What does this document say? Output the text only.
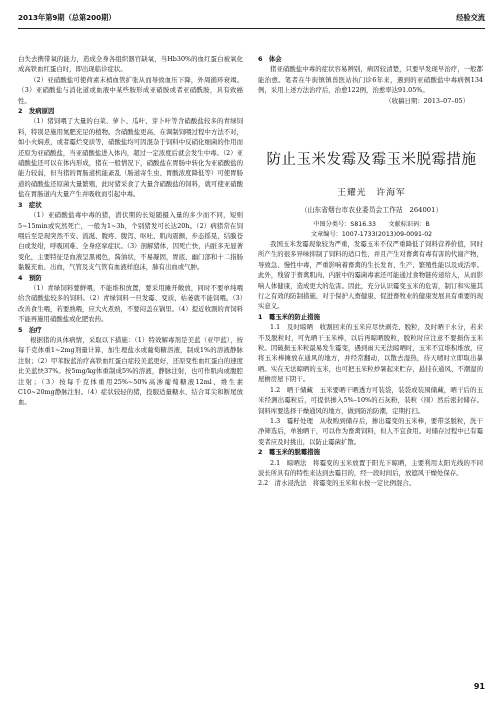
2013年第9期（总第200期）	经验交流

白失去携带氧的能力，造成全身各组织器官缺氧，当Hb30%的血红蛋白被氧化成高铁血红蛋白时，即出现临诊症状。

（2）亚硝酸盐可使荷素末梢血管扩张从而导致血压下降，外周循环衰竭。（3）亚硝酸盐与消化道或血液中某些胺形成亚硝胺或者亚硝酰胺，具有致癌性。

2　发病原因

（1）猪饲喂了大量的白菜、萝卜、瓜叶、芽卜叶等含硝酸盐较多的青绿饲料，特别是施用氮肥充足的植物。含硝酸盐更高，在调制饲喂过程中方法不对，如小火焖煮，或者霉烂变质等，硝酸盐均可因混杂于饲料中反硝化细菌的作用而还原为亚硝酸盐，当亚硝酸盐进入体内，超过一定浓度后就会发生中毒。（2）亚硝酸盐还可以在体内形成，猪在一般情况下，硝酸盐在胃肠中转化为亚硝酸盐的能力较弱，但当猪的胃肠道机能紊乱（肠道寄生虫、胃酸浓度降低等）可使胃肠道的硝酸盐还原菌大量繁殖，此时猪采食了大量含硝酸盐的饲料，就可使亚硝酸盐在胃肠道内大量产生并吸收而引起中毒。

3　症状

（1）亚硝酸盐毒中毒的猪，潜伏期的长短随摄入量的多少而不同，短则5~15min或究然死亡，一般为1~3h，个别猪发可长达20h。（2）病猪常在饲喂后至是现突然不安、流涎、腹疼、腹泻、呕吐、肌肉震颤、步态摇晃、结膜苍白或发绀，呼吸困难、全身痉挛症状。（3）剖解猪体，因死亡快，内脏多无显著变化，主要特征是血液呈黑褐色，酱油状，不易凝固，胃底、幽门部和十二指肠黏膜充血、出血，气管及支气管有血液样泡沫，肺有出血或气肿。

4　预防

（1）青绿饲料要鲜喂，不能堆积放置，要采用摊开敞放，同时不要单纯喂给含硝酸盐较多的饲料。（2）青绿饲料一旦发霉、变质、枯萎就不能饲喂。（3）改善食生喂，若要熟喂，应大火煮熟，不要闷盖在锅里。（4）提近收割的青饲料不能再施用硝酸盐或化肥农药。

5　治疗

根据猪的具体病情，采取以下措施：（1）特效解毒剂是美蓝（亚甲蓝），按每千克体重1~2mg剂量计算，加生理盐水或葡萄糖溶液，制成1%的溶液静脉注射；（2）甲苯胺蓝治疗高铁血红蛋白症较美蓝更好，还原变性血红蛋白的速度比美蓝快37%。按5mg/kg体重制成5%的溶液，静脉注射，也可作肌肉或腹腔注射；（3）按每千克体重用25%~50%高渗葡萄糖液12ml、维生素C10~20mg静脉注射。（4）症状较轻的猪，投服适量糖水、结合耳尖和断尾放血。

6　体会

猪亚硝酸盐中毒的症状容易辨别，病因较清楚，只要早发现早治疗，一般都能治愈。笔者在牛街镇镇兽医站执门诊6年来，遇到的亚硝酸盐中毒病例134例，采用上述方法治疗后，治愈122例，治愈率达91.05%。

（收稿日期：2013–07–05）

防止玉米发霉及霉玉米脱霉措施
王耀光　许海军
（山东省烟台市农业委员会工作站　264001）
中图分类号：S816.33　　文献标识码：B
文章编号：1007-1733(2013)09-0091-02

我国玉米发霉现象较为严重，发霉玉米不仅严重降低了饲料营养价值，同时所产生的很多异味抑制了饲料的适口性，并且产生对畜禽有毒有害的代谢产物，导致急、慢性中毒，严重影响着畜禽的生长发育、生产、繁殖性能以及成活率。此外，残留于畜禽肌肉、内脏中的霉菌毒素还可能通过食物链传递给人，从而影响人体健康，造成更大的危害。因此，充分认识霉变玉米的危害，制订和实施其行之有效的防制措施，对于保护人畜健康、促进畜牧业的健康发展具有重要的现实意义。

1　霉玉米的防止措施

1.1　及时晾晒　收割回来的玉米应尽快剥壳、脱粒，及时晒干水分，若来不及脱粒时，可先晒干玉米棒，以后再晾晒脱粒，脱粒时应注意不要损伤玉米粒。因破损玉米粒最易发生霉变，遇到雨天无法晾晒时，玉米不宜堆积堆放，应将玉米棒摊放在通风的地方，并经常翻动，以散去湿热，待天晴时立即取出暴晒。实在无法晾晒的玉米，也可把玉米粒炒暑起来贮存，悬挂在通风、不潮湿的屋檐房屋下阴干。

1.2　晒干储藏　玉米要晒干晒透方可装袋，装袋或装囤储藏，晒干后的玉米经测出霉粒后，可提供掺入5%–10%的石灰粉，装粒（囤）然后密封储存。饲料库要选择干燥通风的地方，做到防治防潮，定期打扫。

1.3　霉籽处理　从收购到储存后，掺出霉变的玉米棒，要带茎脱粒，洗干净筛选后，单独晒干，可以作为畜禽饲料，但人不宜食用。对储存过程中已有霉变者应及时挑出，以防止霉菌扩散。

2　霉玉米的脱霉措施

2.1　晾晒法　将霉变的玉米放置于阳光下晾晒，主要利用太阳光线的不同波长所具有的特性来达到去霉目的，经一段时间后，放遮风干燥处保存。

2.2　清水浸洗法　将霉变的玉米和水按一定比例混合。

91
